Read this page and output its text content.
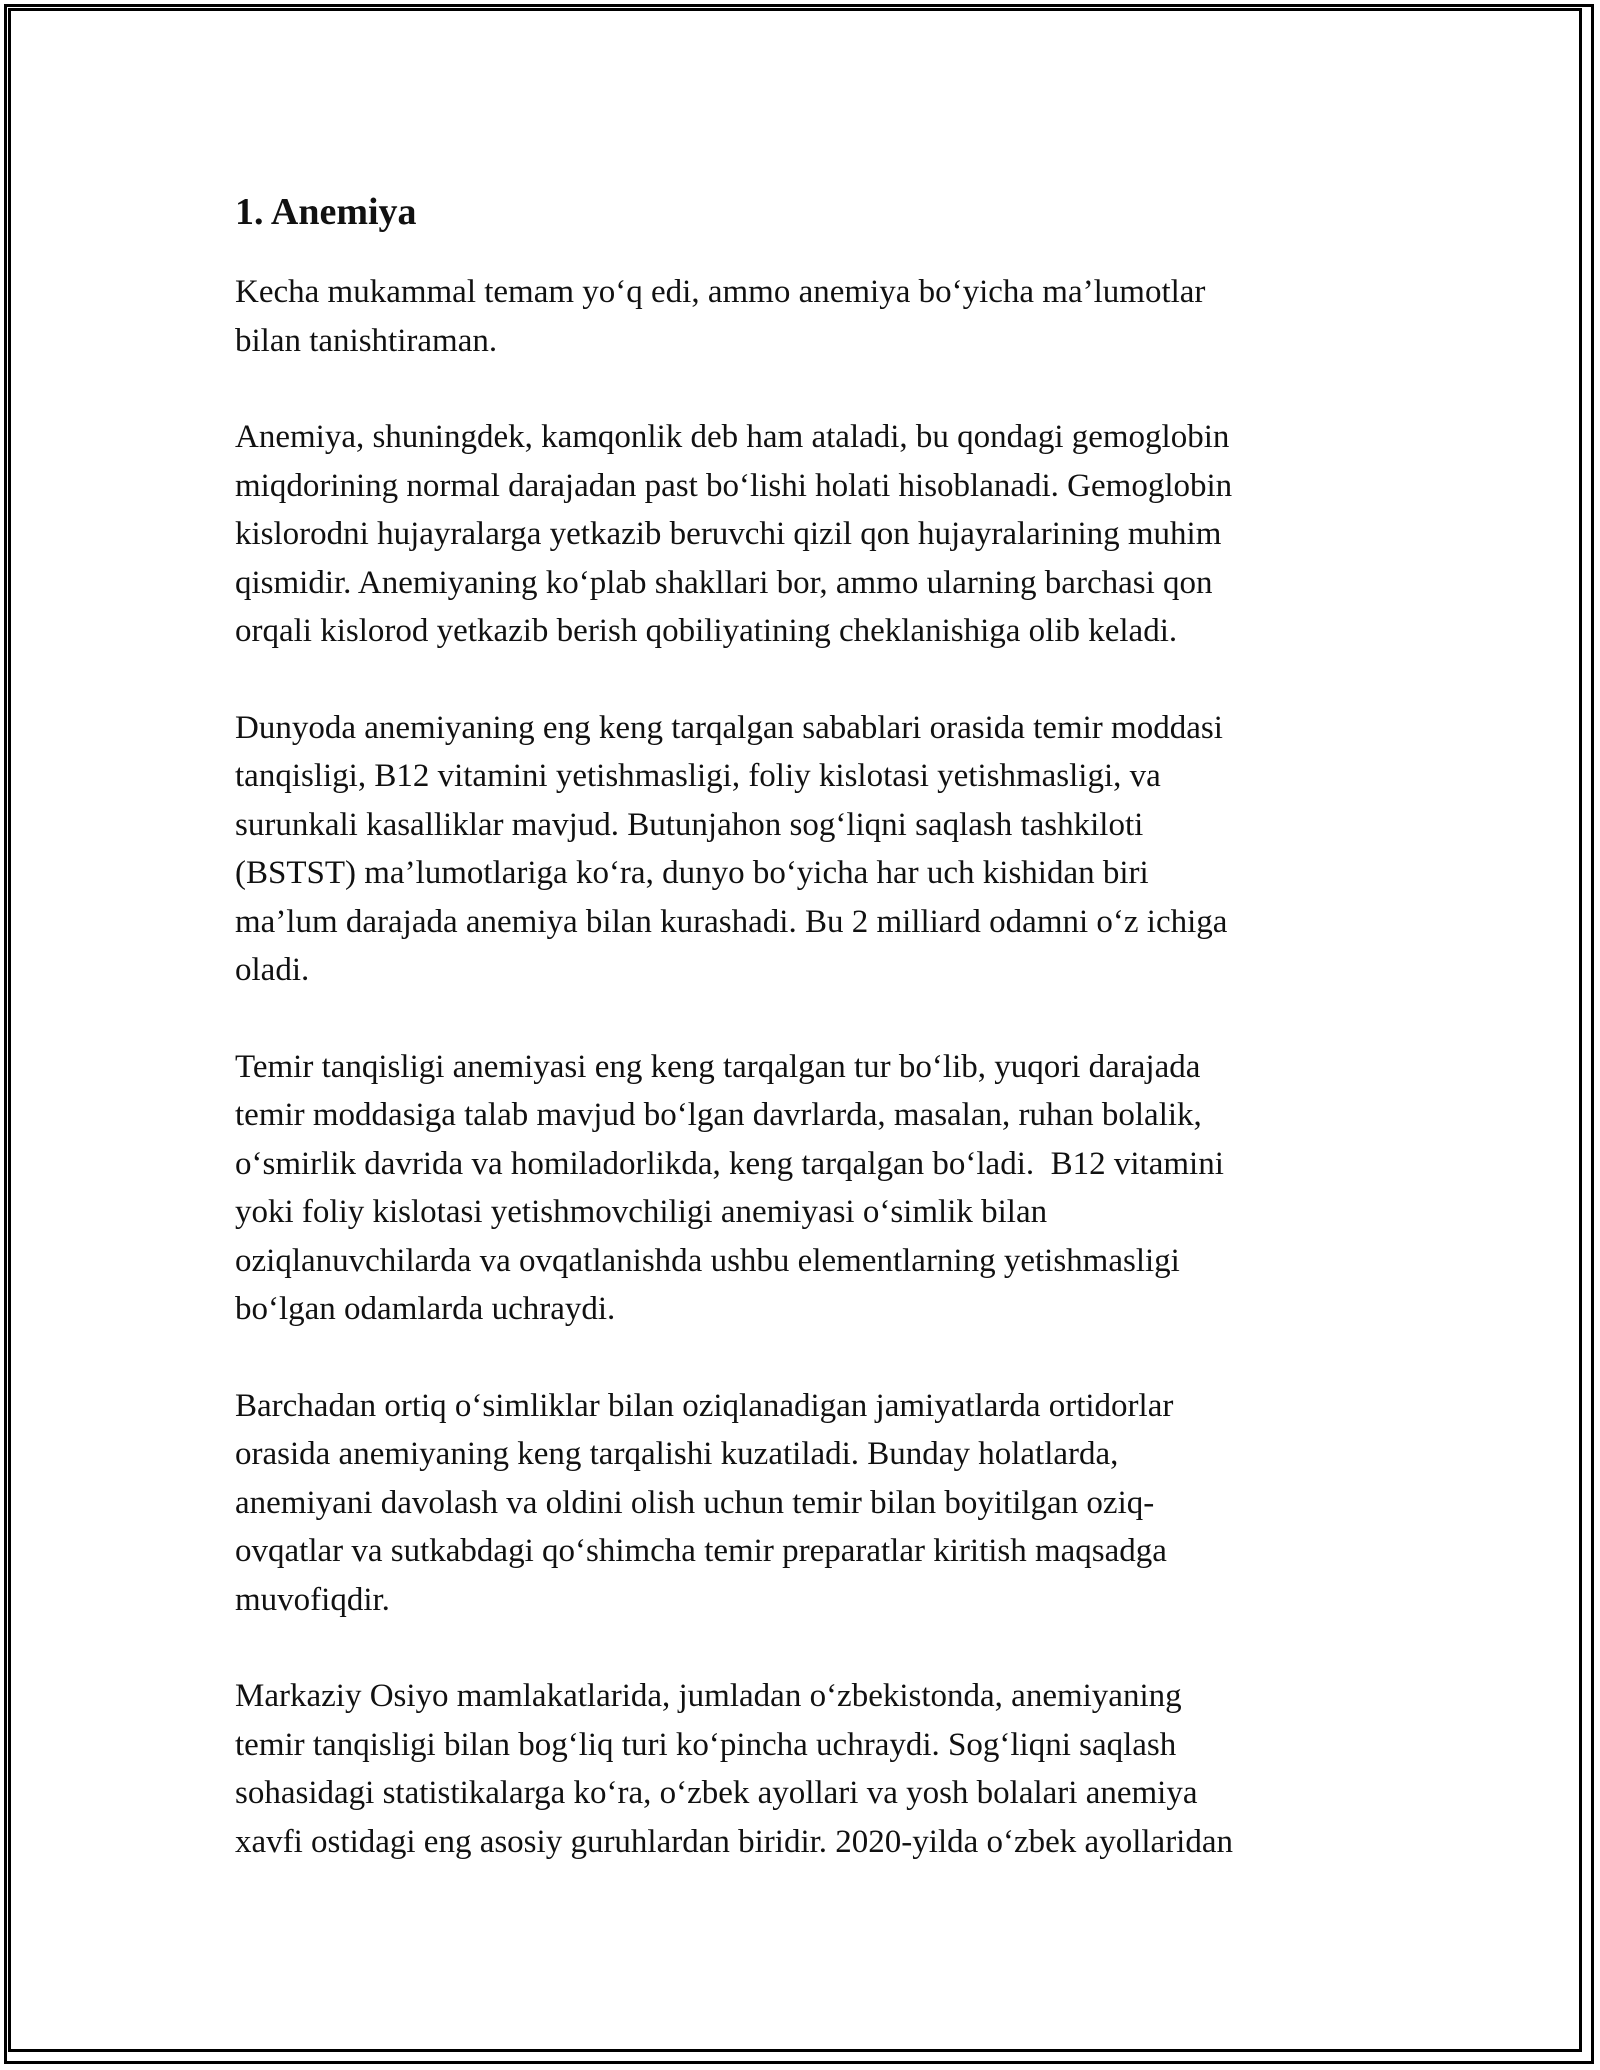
1. Anemiya

Kecha mukammal temam yo‘q edi, ammo anemiya bo‘yicha ma’lumotlar
bilan tanishtiraman.

Anemiya, shuningdek, kamqonlik deb ham ataladi, bu qondagi gemoglobin
miqdorining normal darajadan past bo‘lishi holati hisoblanadi. Gemoglobin
kislorodni hujayralarga yetkazib beruvchi qizil qon hujayralarining muhim
qismidir. Anemiyaning ko‘plab shakllari bor, ammo ularning barchasi qon
orqali kislorod yetkazib berish qobiliyatining cheklanishiga olib keladi.

Dunyoda anemiyaning eng keng tarqalgan sabablari orasida temir moddasi
tanqisligi, B12 vitamini yetishmasligi, foliy kislotasi yetishmasligi, va
surunkali kasalliklar mavjud. Butunjahon sog‘liqni saqlash tashkiloti
(BSTST) ma’lumotlariga ko‘ra, dunyo bo‘yicha har uch kishidan biri
ma’lum darajada anemiya bilan kurashadi. Bu 2 milliard odamni o‘z ichiga
oladi.

Temir tanqisligi anemiyasi eng keng tarqalgan tur bo‘lib, yuqori darajada
temir moddasiga talab mavjud bo‘lgan davrlarda, masalan, ruhan bolalik,
o‘smirlik davrida va homiladorlikda, keng tarqalgan bo‘ladi.  B12 vitamini
yoki foliy kislotasi yetishmovchiligi anemiyasi o‘simlik bilan
oziqlanuvchilarda va ovqatlanishda ushbu elementlarning yetishmasligi
bo‘lgan odamlarda uchraydi.

Barchadan ortiq o‘simliklar bilan oziqlanadigan jamiyatlarda ortidorlar
orasida anemiyaning keng tarqalishi kuzatiladi. Bunday holatlarda,
anemiyani davolash va oldini olish uchun temir bilan boyitilgan oziq-
ovqatlar va sutkabdagi qo‘shimcha temir preparatlar kiritish maqsadga
muvofiqdir.

Markaziy Osiyo mamlakatlarida, jumladan o‘zbekistonda, anemiyaning
temir tanqisligi bilan bog‘liq turi ko‘pincha uchraydi. Sog‘liqni saqlash
sohasidagi statistikalarga ko‘ra, o‘zbek ayollari va yosh bolalari anemiya
xavfi ostidagi eng asosiy guruhlardan biridir. 2020-yilda o‘zbek ayollaridan
